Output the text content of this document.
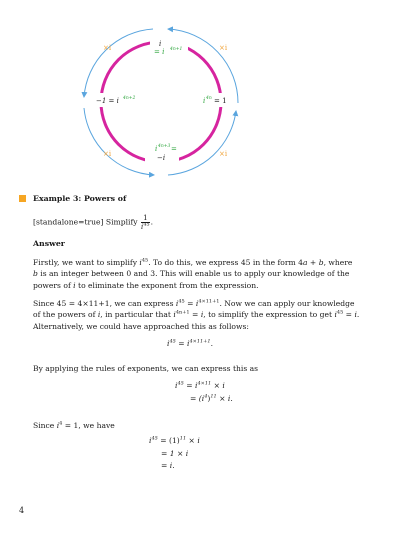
×i	×i
×i	×i
i
= i 4n+1
−1 = i 4n+2	i 4n = 1
i 4n+3 =
−i
Example 3: Powers of
[standalone=true] Simplify $\frac{1}{i^{45}}$ .
Answer
Firstly, we want to simplify $i^{45}$. To do this, we express 45 in the form 4a + b, where
b is an integer between 0 and 3. This will enable us to apply our knowledge of the
powers of i to eliminate the exponent from the expression.
Since 45 = 4×11+1, we can express $i^{45} = i^{4\times 11+1}$. Now we can apply our knowledge
of the powers of i, in particular that $i^{4n+1} = i$, to simplify the expression to get $i^{45} = i$.
Alternatively, we could have approached this as follows:
$i^{45} = i^{4\times 11+1}$.
By applying the rules of exponents, we can express this as
$i^{45} = i^{4\times 11} \times i$
= $(i^4)^{11} \times i$.
Since $i^4 = 1$, we have
$i^{45} = (1)^{11} \times i$
= 1 × i
= i.
4
